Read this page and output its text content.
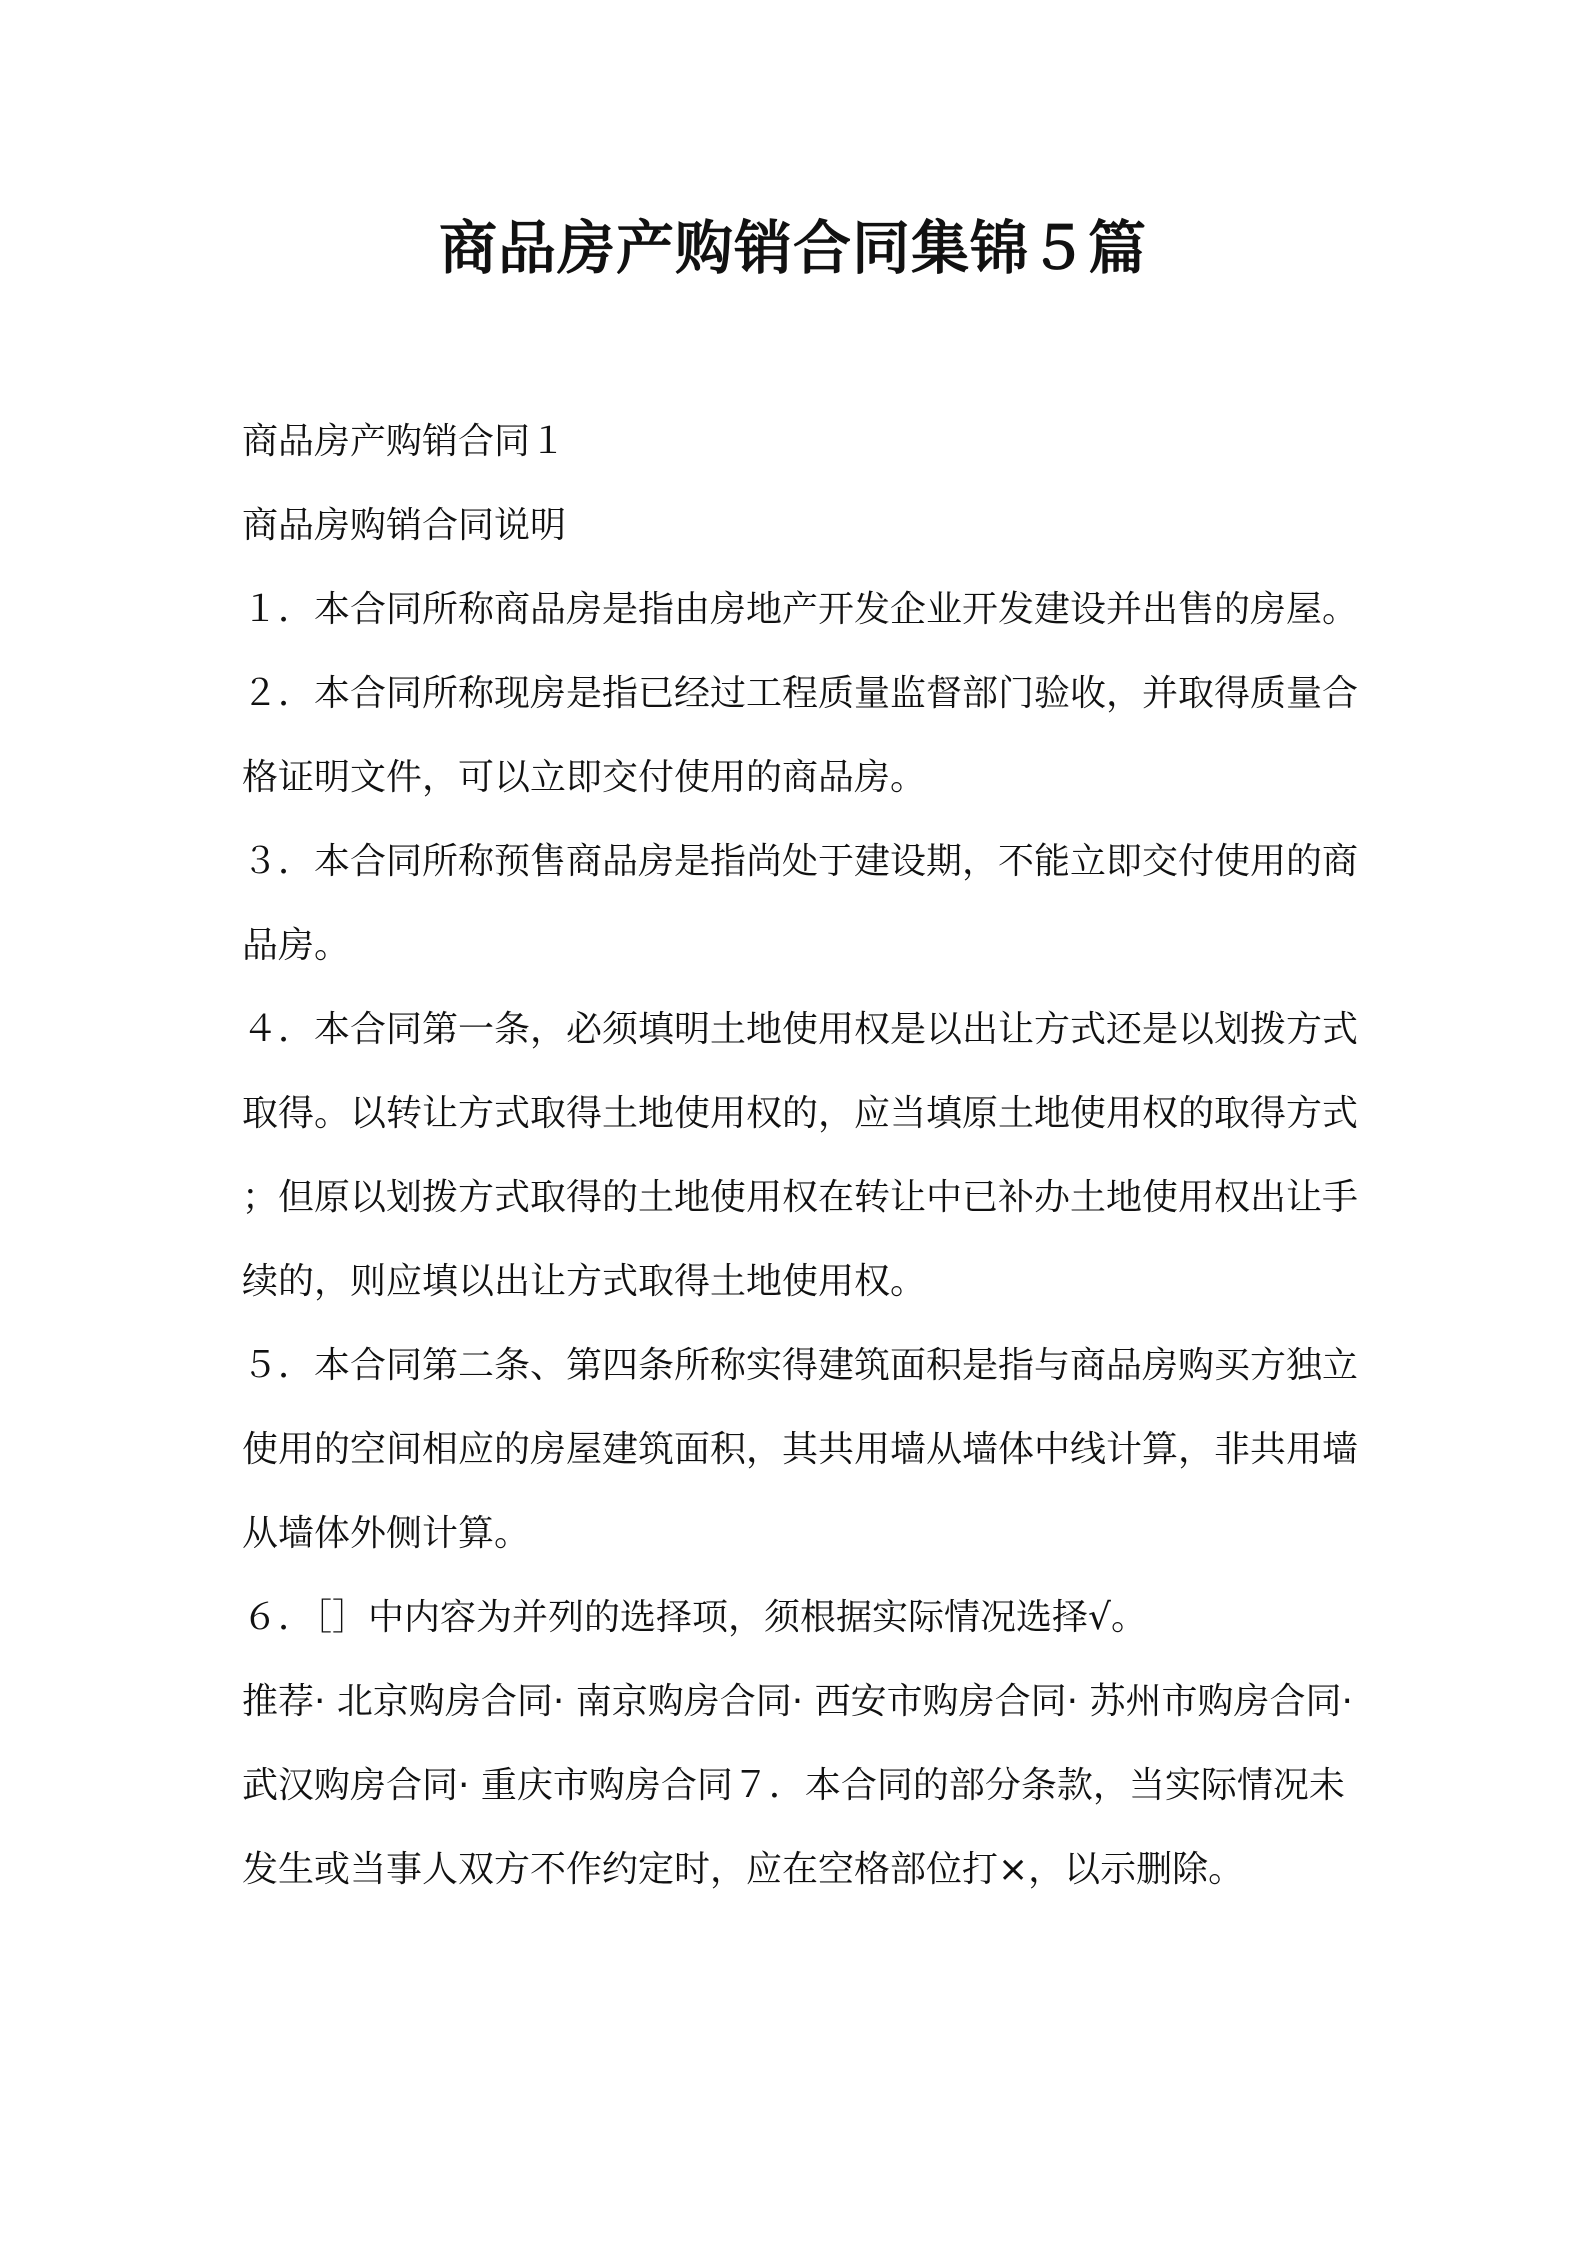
商品房产购销合同集锦５篇

商品房产购销合同１

商品房购销合同说明

１．本合同所称商品房是指由房地产开发企业开发建设并出售的房屋。

２．本合同所称现房是指已经过工程质量监督部门验收，并取得质量合格证明文件，可以立即交付使用的商品房。

３．本合同所称预售商品房是指尚处于建设期，不能立即交付使用的商品房。

４．本合同第一条，必须填明土地使用权是以出让方式还是以划拨方式取得。以转让方式取得土地使用权的，应当填原土地使用权的取得方式；但原以划拨方式取得的土地使用权在转让中已补办土地使用权出让手续的，则应填以出让方式取得土地使用权。

５．本合同第二条、第四条所称实得建筑面积是指与商品房购买方独立使用的空间相应的房屋建筑面积，其共用墙从墙体中线计算，非共用墙从墙体外侧计算。

６．［］中内容为并列的选择项，须根据实际情况选择√。

推荐· 北京购房合同· 南京购房合同· 西安市购房合同· 苏州市购房合同· 武汉购房合同· 重庆市购房合同７．本合同的部分条款，当实际情况未发生或当事人双方不作约定时，应在空格部位打×，以示删除。
